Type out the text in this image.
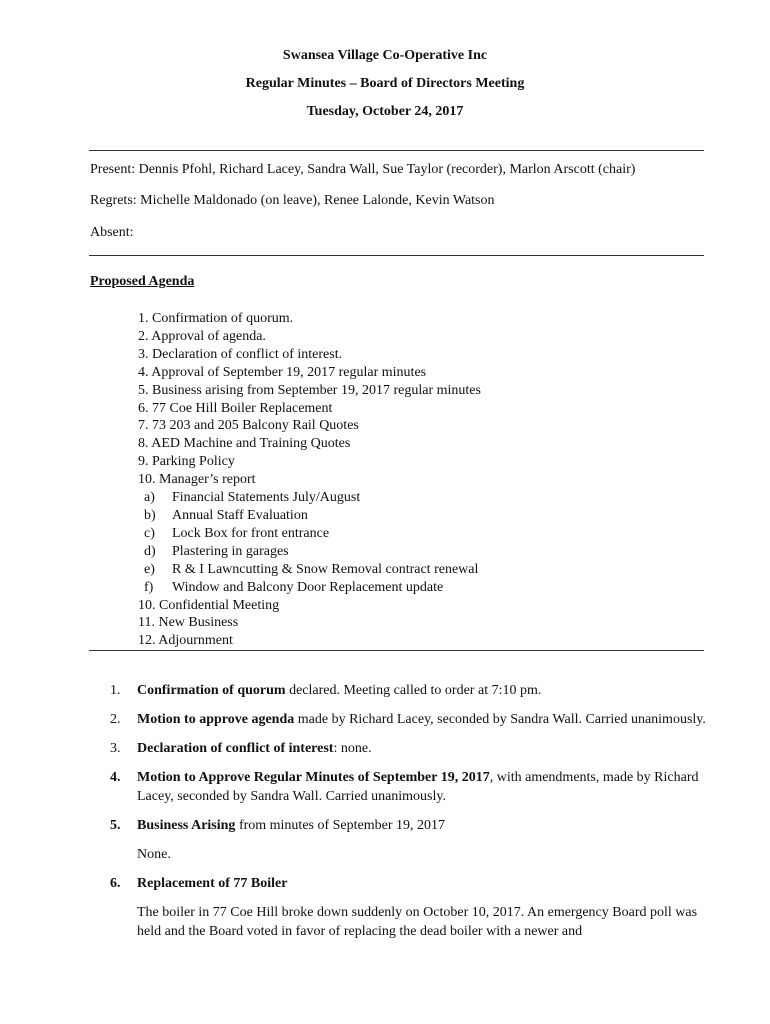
Swansea Village Co-Operative Inc
Regular Minutes – Board of Directors Meeting
Tuesday, October 24, 2017
Present: Dennis Pfohl, Richard Lacey, Sandra Wall, Sue Taylor (recorder), Marlon Arscott (chair)
Regrets: Michelle Maldonado (on leave), Renee Lalonde, Kevin Watson
Absent:
Proposed Agenda
1. Confirmation of quorum.
2. Approval of agenda.
3. Declaration of conflict of interest.
4. Approval of September 19, 2017 regular minutes
5. Business arising from September 19, 2017 regular minutes
6. 77 Coe Hill Boiler Replacement
7. 73 203 and 205 Balcony Rail Quotes
8. AED Machine and Training Quotes
9. Parking Policy
10. Manager’s report
a) Financial Statements July/August
b) Annual Staff Evaluation
c) Lock Box for front entrance
d) Plastering in garages
e) R & I Lawncutting & Snow Removal contract renewal
f) Window and Balcony Door Replacement update
10. Confidential Meeting
11. New Business
12. Adjournment
1. Confirmation of quorum declared. Meeting called to order at 7:10 pm.
2. Motion to approve agenda made by Richard Lacey, seconded by Sandra Wall. Carried unanimously.
3. Declaration of conflict of interest: none.
4. Motion to Approve Regular Minutes of September 19, 2017, with amendments, made by Richard Lacey, seconded by Sandra Wall. Carried unanimously.
5. Business Arising from minutes of September 19, 2017
None.
6. Replacement of 77 Boiler
The boiler in 77 Coe Hill broke down suddenly on October 10, 2017. An emergency Board poll was held and the Board voted in favor of replacing the dead boiler with a newer and
